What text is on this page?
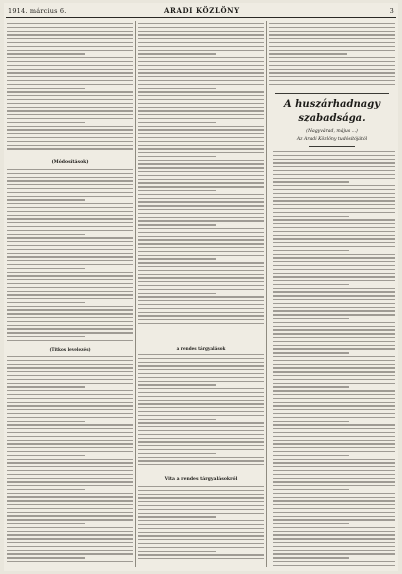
1914. március 6.	ARADI KÖZLÖNY	3
(Módosítások)
(Titkos levelezés)	a rendes tárgyalások
Vita a rendes tárgyalásokról
A huszárhadnagy
szabadsága.
(Nagyvárad, május ...)
Az Aradi Közlöny tudósítójától
